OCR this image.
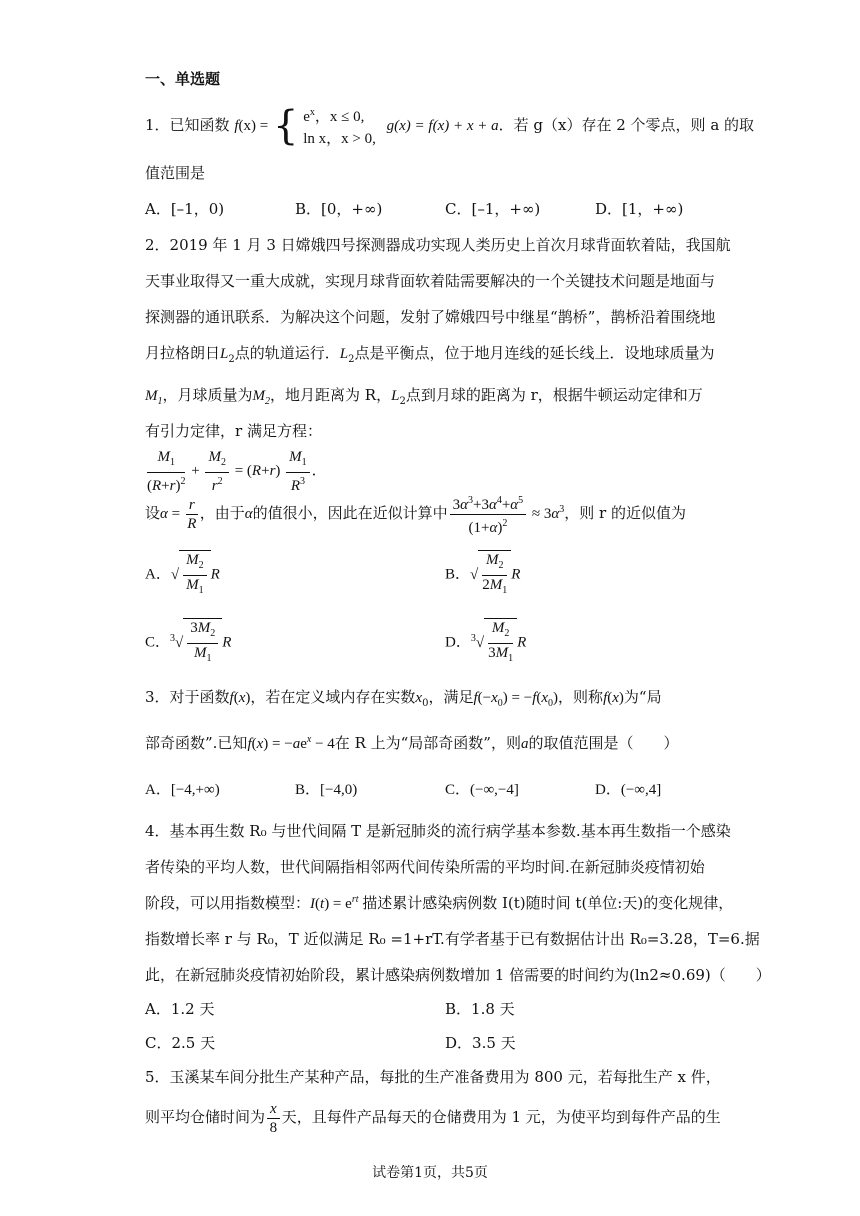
一、单选题
1．已知函数 f(x) = { $e^x$，x ≤ 0,
ln x，x > 0,
g(x) = f(x) + x + a．若 g（x）存在 2 个零点，则 a 的取
值范围是
A．[–1，0)	B．[0，+∞)	C．[–1，+∞)	D．[1，+∞)
2．2019 年 1 月 3 日嫦娥四号探测器成功实现人类历史上首次月球背面软着陆，我国航
天事业取得又一重大成就，实现月球背面软着陆需要解决的一个关键技术问题是地面与
探测器的通讯联系．为解决这个问题，发射了嫦娥四号中继星“鹊桥”，鹊桥沿着围绕地
月拉格朗日$L_2$点的轨道运行．$L_2$点是平衡点，位于地月连线的延长线上．设地球质量为
$M_1$，月球质量为$M_2$，地月距离为 R，$L_2$点到月球的距离为 r，根据牛顿运动定律和万
有引力定律，r 满足方程：
$\frac{M_1}{(R+r)^2} + \frac{M_2}{r^2} = (R+r) \frac{M_1}{R^3}$ ．
设$\alpha = \frac{r}{R}$ ，由于α的值很小，因此在近似计算中 $\frac{3\alpha^3+3\alpha^4+\alpha^5}{(1+\alpha)^2} \approx 3\alpha^3$，则 r 的近似值为
A．√ $\frac{M_2}{M_1}$ R	B．√ $\frac{M_2}{2M_1}$ R
C．$^3√ \frac{3M_2}{M_1}$ R	D．$^3√ \frac{M_2}{3M_1}$ R
3．对于函数f(x)，若在定义域内存在实数$x_0$，满足$f(-x_0) = -f(x_0)$，则称f(x)为“局
部奇函数”.已知$f(x) = -ae^x - 4$在 R 上为“局部奇函数”，则a的取值范围是（　　）
A．[−4,+∞)	B．[−4,0)	C．(−∞,−4]	D．(−∞,4]
4．基本再生数 R₀ 与世代间隔 T 是新冠肺炎的流行病学基本参数.基本再生数指一个感染
者传染的平均人数，世代间隔指相邻两代间传染所需的平均时间.在新冠肺炎疫情初始
阶段，可以用指数模型：$I(t) = e^{rt}$ 描述累计感染病例数 I(t)随时间 t(单位:天)的变化规律，
指数增长率 r 与 R₀，T 近似满足 R₀ =1+rT.有学者基于已有数据估计出 R₀=3.28，T=6.据
此，在新冠肺炎疫情初始阶段，累计感染病例数增加 1 倍需要的时间约为(ln2≈0.69)（　　）
A．1.2 天	B．1.8 天
C．2.5 天	D．3.5 天
5．玉溪某车间分批生产某种产品，每批的生产准备费用为 800 元，若每批生产 x 件，
则平均仓储时间为 $\frac{x}{8}$ 天，且每件产品每天的仓储费用为 1 元，为使平均到每件产品的生
试卷第1页，共5页
